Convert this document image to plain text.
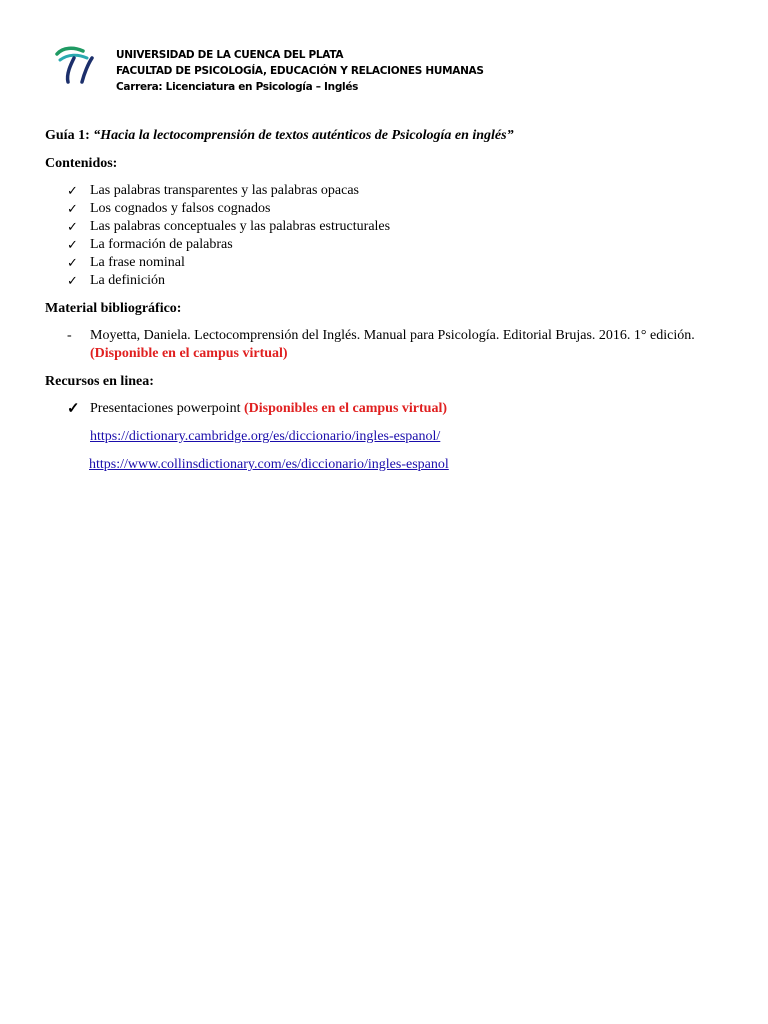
UNIVERSIDAD DE LA CUENCA DEL PLATA
FACULTAD DE PSICOLOGÍA, EDUCACIÓN Y RELACIONES HUMANAS
Carrera: Licenciatura en Psicología – Inglés
Guía 1: “Hacia la lectocomprensión de textos auténticos de Psicología en inglés”
Contenidos:
✓ Las palabras transparentes y las palabras opacas
✓ Los cognados y falsos cognados
✓ Las palabras conceptuales y las palabras estructurales
✓ La formación de palabras
✓ La frase nominal
✓ La definición
Material bibliográfico:
- Moyetta, Daniela. Lectocomprensión del Inglés. Manual para Psicología. Editorial Brujas. 2016. 1° edición.
(Disponible en el campus virtual)
Recursos en linea:
✓ Presentaciones powerpoint (Disponibles en el campus virtual)
https://dictionary.cambridge.org/es/diccionario/ingles-espanol/
https://www.collinsdictionary.com/es/diccionario/ingles-espanol
